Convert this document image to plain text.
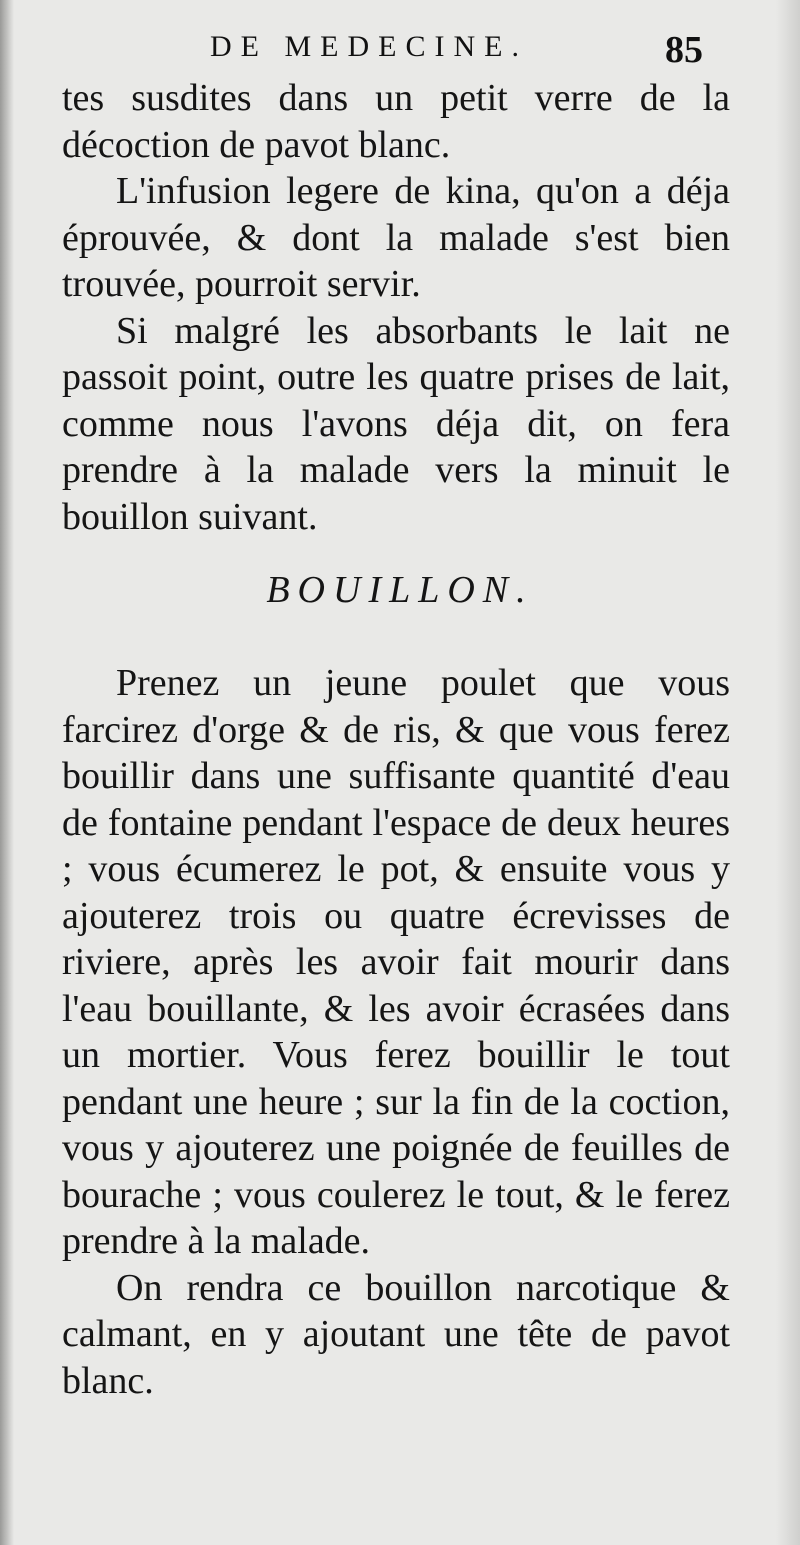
DE MEDECINE.	85

tes susdites dans un petit verre de la décoction de pavot blanc.

L'infusion legere de kina, qu'on a déja éprouvée, & dont la malade s'est bien trouvée, pourroit servir.

Si malgré les absorbants le lait ne passoit point, outre les quatre prises de lait, comme nous l'avons déja dit, on fera prendre à la malade vers la minuit le bouillon suivant.

BOUILLON.

Prenez un jeune poulet que vous farcirez d'orge & de ris, & que vous ferez bouillir dans une suffisante quantité d'eau de fontaine pendant l'espace de deux heures ; vous écumerez le pot, & ensuite vous y ajouterez trois ou quatre écrevisses de riviere, après les avoir fait mourir dans l'eau bouillante, & les avoir écrasées dans un mortier. Vous ferez bouillir le tout pendant une heure ; sur la fin de la coction, vous y ajouterez une poignée de feuilles de bourache ; vous coulerez le tout, & le ferez prendre à la malade.

On rendra ce bouillon narcotique & calmant, en y ajoutant une tête de pavot blanc.
